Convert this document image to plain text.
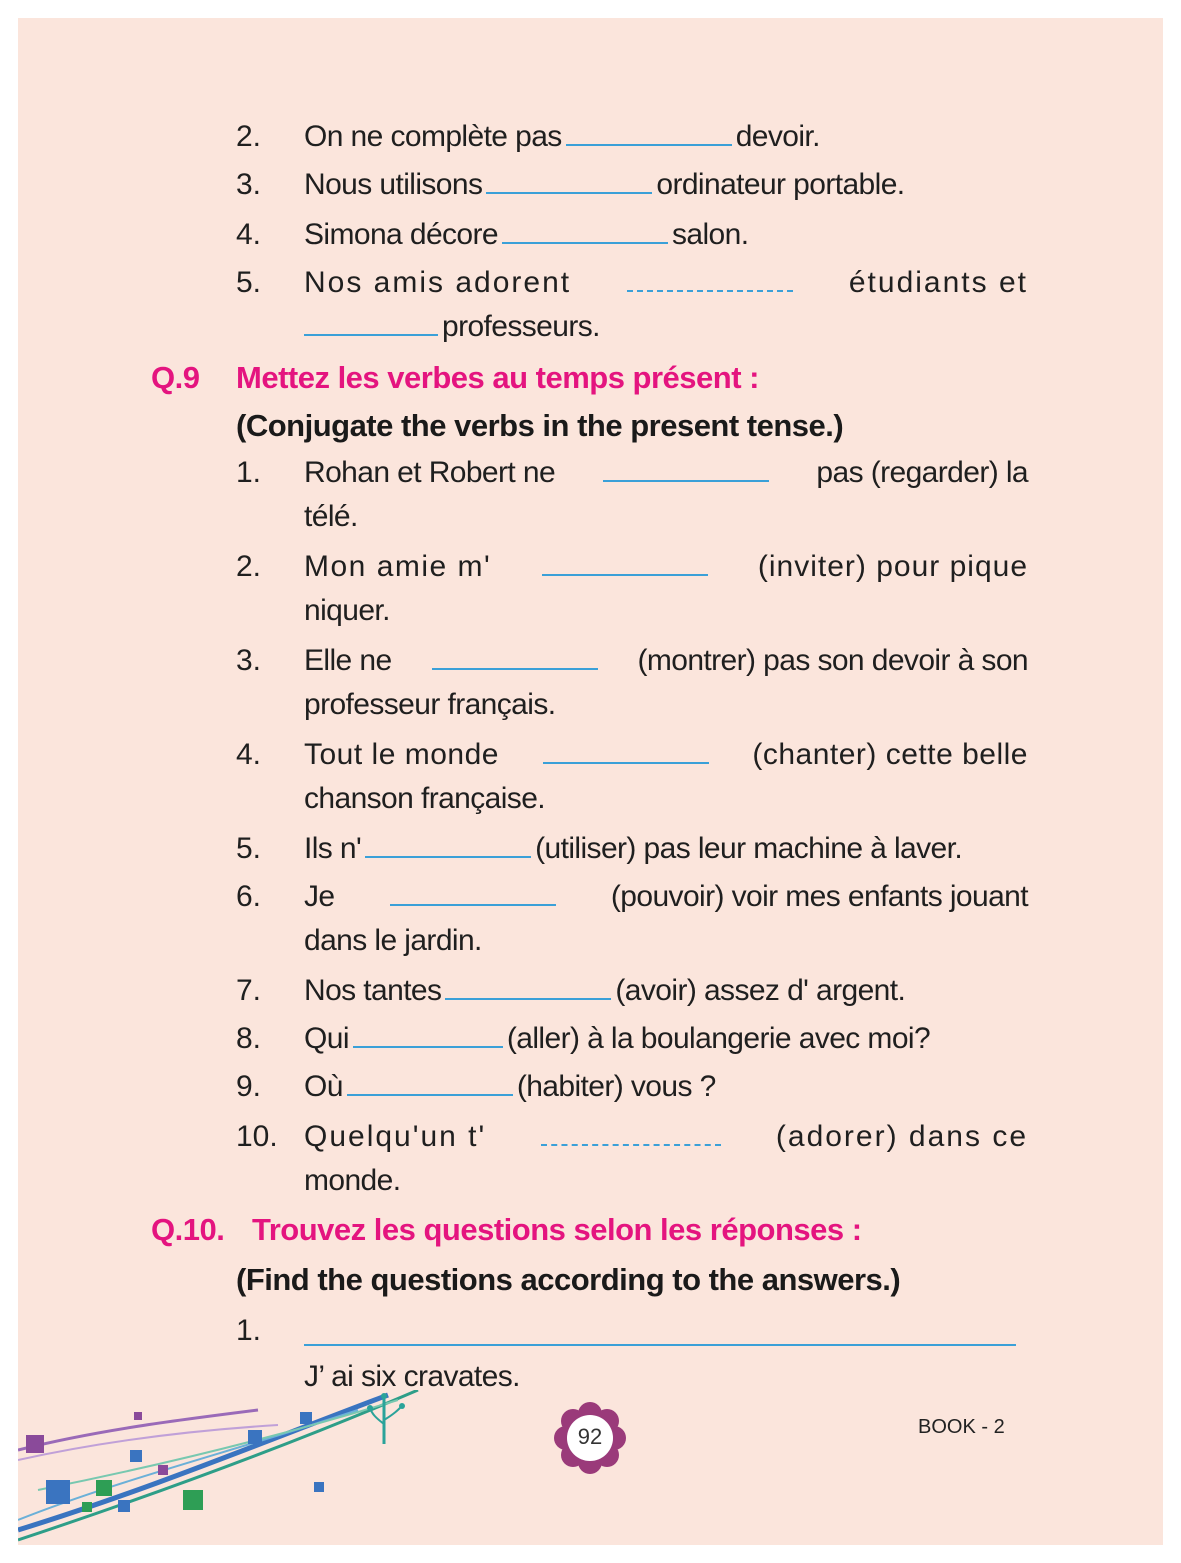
2. On ne complète pas	devoir.
3. Nous utilisons	ordinateur portable.
4. Simona décore	salon.
5. Nos amis adorent	étudiants et
professeurs.
Q.9 Mettez les verbes au temps présent :
(Conjugate the verbs in the present tense.)
1. Rohan et Robert ne	pas (regarder) la
télé.
2. Mon amie m'	(inviter) pour pique
niquer.
3. Elle ne	(montrer) pas son devoir à son
professeur français.
4. Tout le monde	(chanter) cette belle
chanson française.
5. Ils n'	(utiliser) pas leur machine à laver.
6. Je	(pouvoir) voir mes enfants jouant
dans le jardin.
7. Nos tantes	(avoir) assez d' argent.
8. Qui	(aller) à la boulangerie avec moi?
9. Où	(habiter) vous ?
10. Quelqu'un t'	(adorer) dans ce
monde.
Q.10. Trouvez les questions selon les réponses :
(Find the questions according to the answers.)
1.
J’ ai six cravates.
92	BOOK - 2
